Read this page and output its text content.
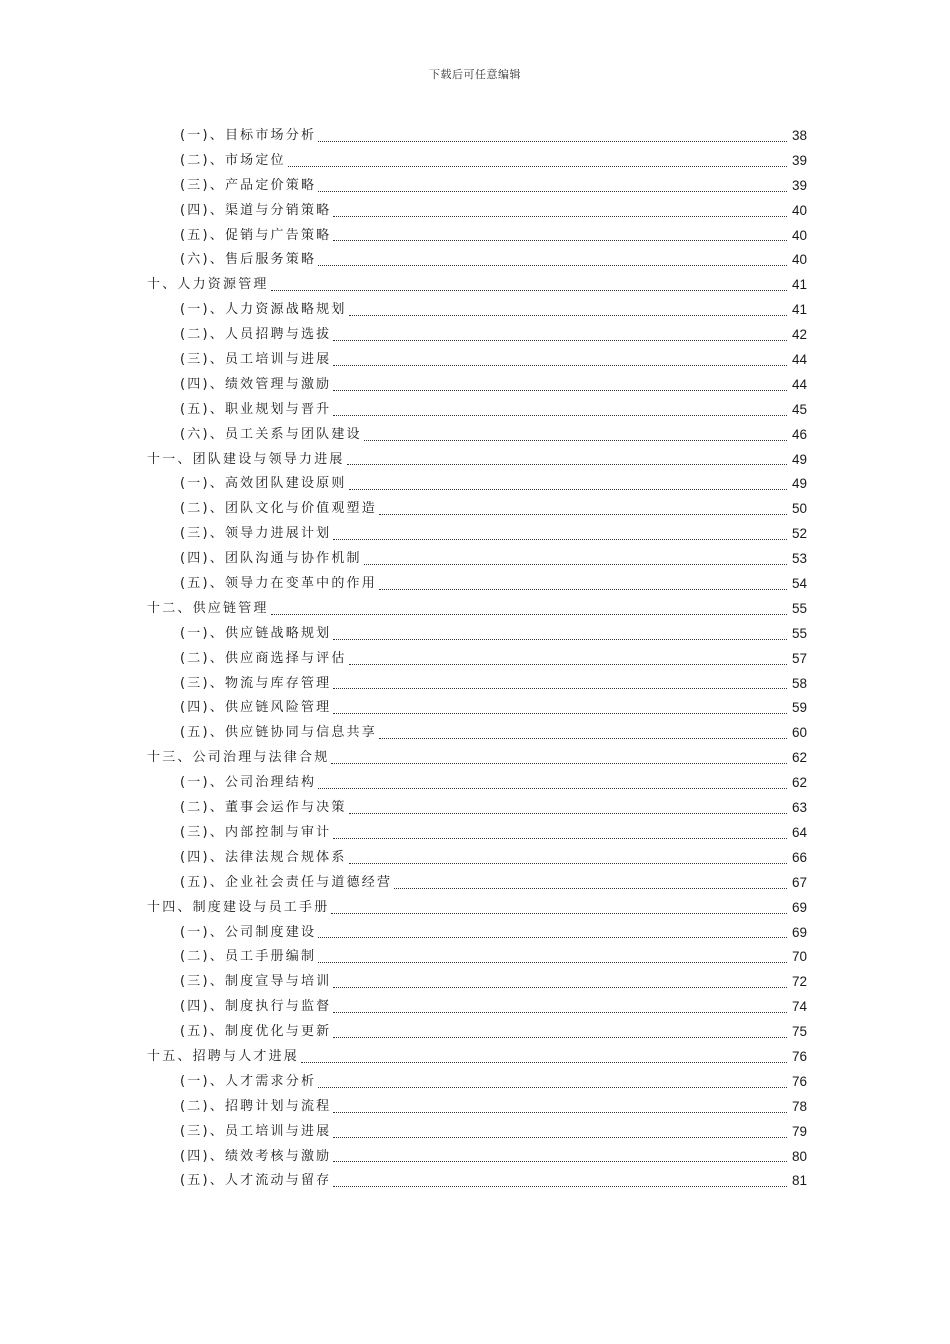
下载后可任意编辑
(一)、目标市场分析	38
(二)、市场定位	39
(三)、产品定价策略	39
(四)、渠道与分销策略	40
(五)、促销与广告策略	40
(六)、售后服务策略	40
十、人力资源管理	41
(一)、人力资源战略规划	41
(二)、人员招聘与选拔	42
(三)、员工培训与进展	44
(四)、绩效管理与激励	44
(五)、职业规划与晋升	45
(六)、员工关系与团队建设	46
十一、团队建设与领导力进展	49
(一)、高效团队建设原则	49
(二)、团队文化与价值观塑造	50
(三)、领导力进展计划	52
(四)、团队沟通与协作机制	53
(五)、领导力在变革中的作用	54
十二、供应链管理	55
(一)、供应链战略规划	55
(二)、供应商选择与评估	57
(三)、物流与库存管理	58
(四)、供应链风险管理	59
(五)、供应链协同与信息共享	60
十三、公司治理与法律合规	62
(一)、公司治理结构	62
(二)、董事会运作与决策	63
(三)、内部控制与审计	64
(四)、法律法规合规体系	66
(五)、企业社会责任与道德经营	67
十四、制度建设与员工手册	69
(一)、公司制度建设	69
(二)、员工手册编制	70
(三)、制度宣导与培训	72
(四)、制度执行与监督	74
(五)、制度优化与更新	75
十五、招聘与人才进展	76
(一)、人才需求分析	76
(二)、招聘计划与流程	78
(三)、员工培训与进展	79
(四)、绩效考核与激励	80
(五)、人才流动与留存	81
